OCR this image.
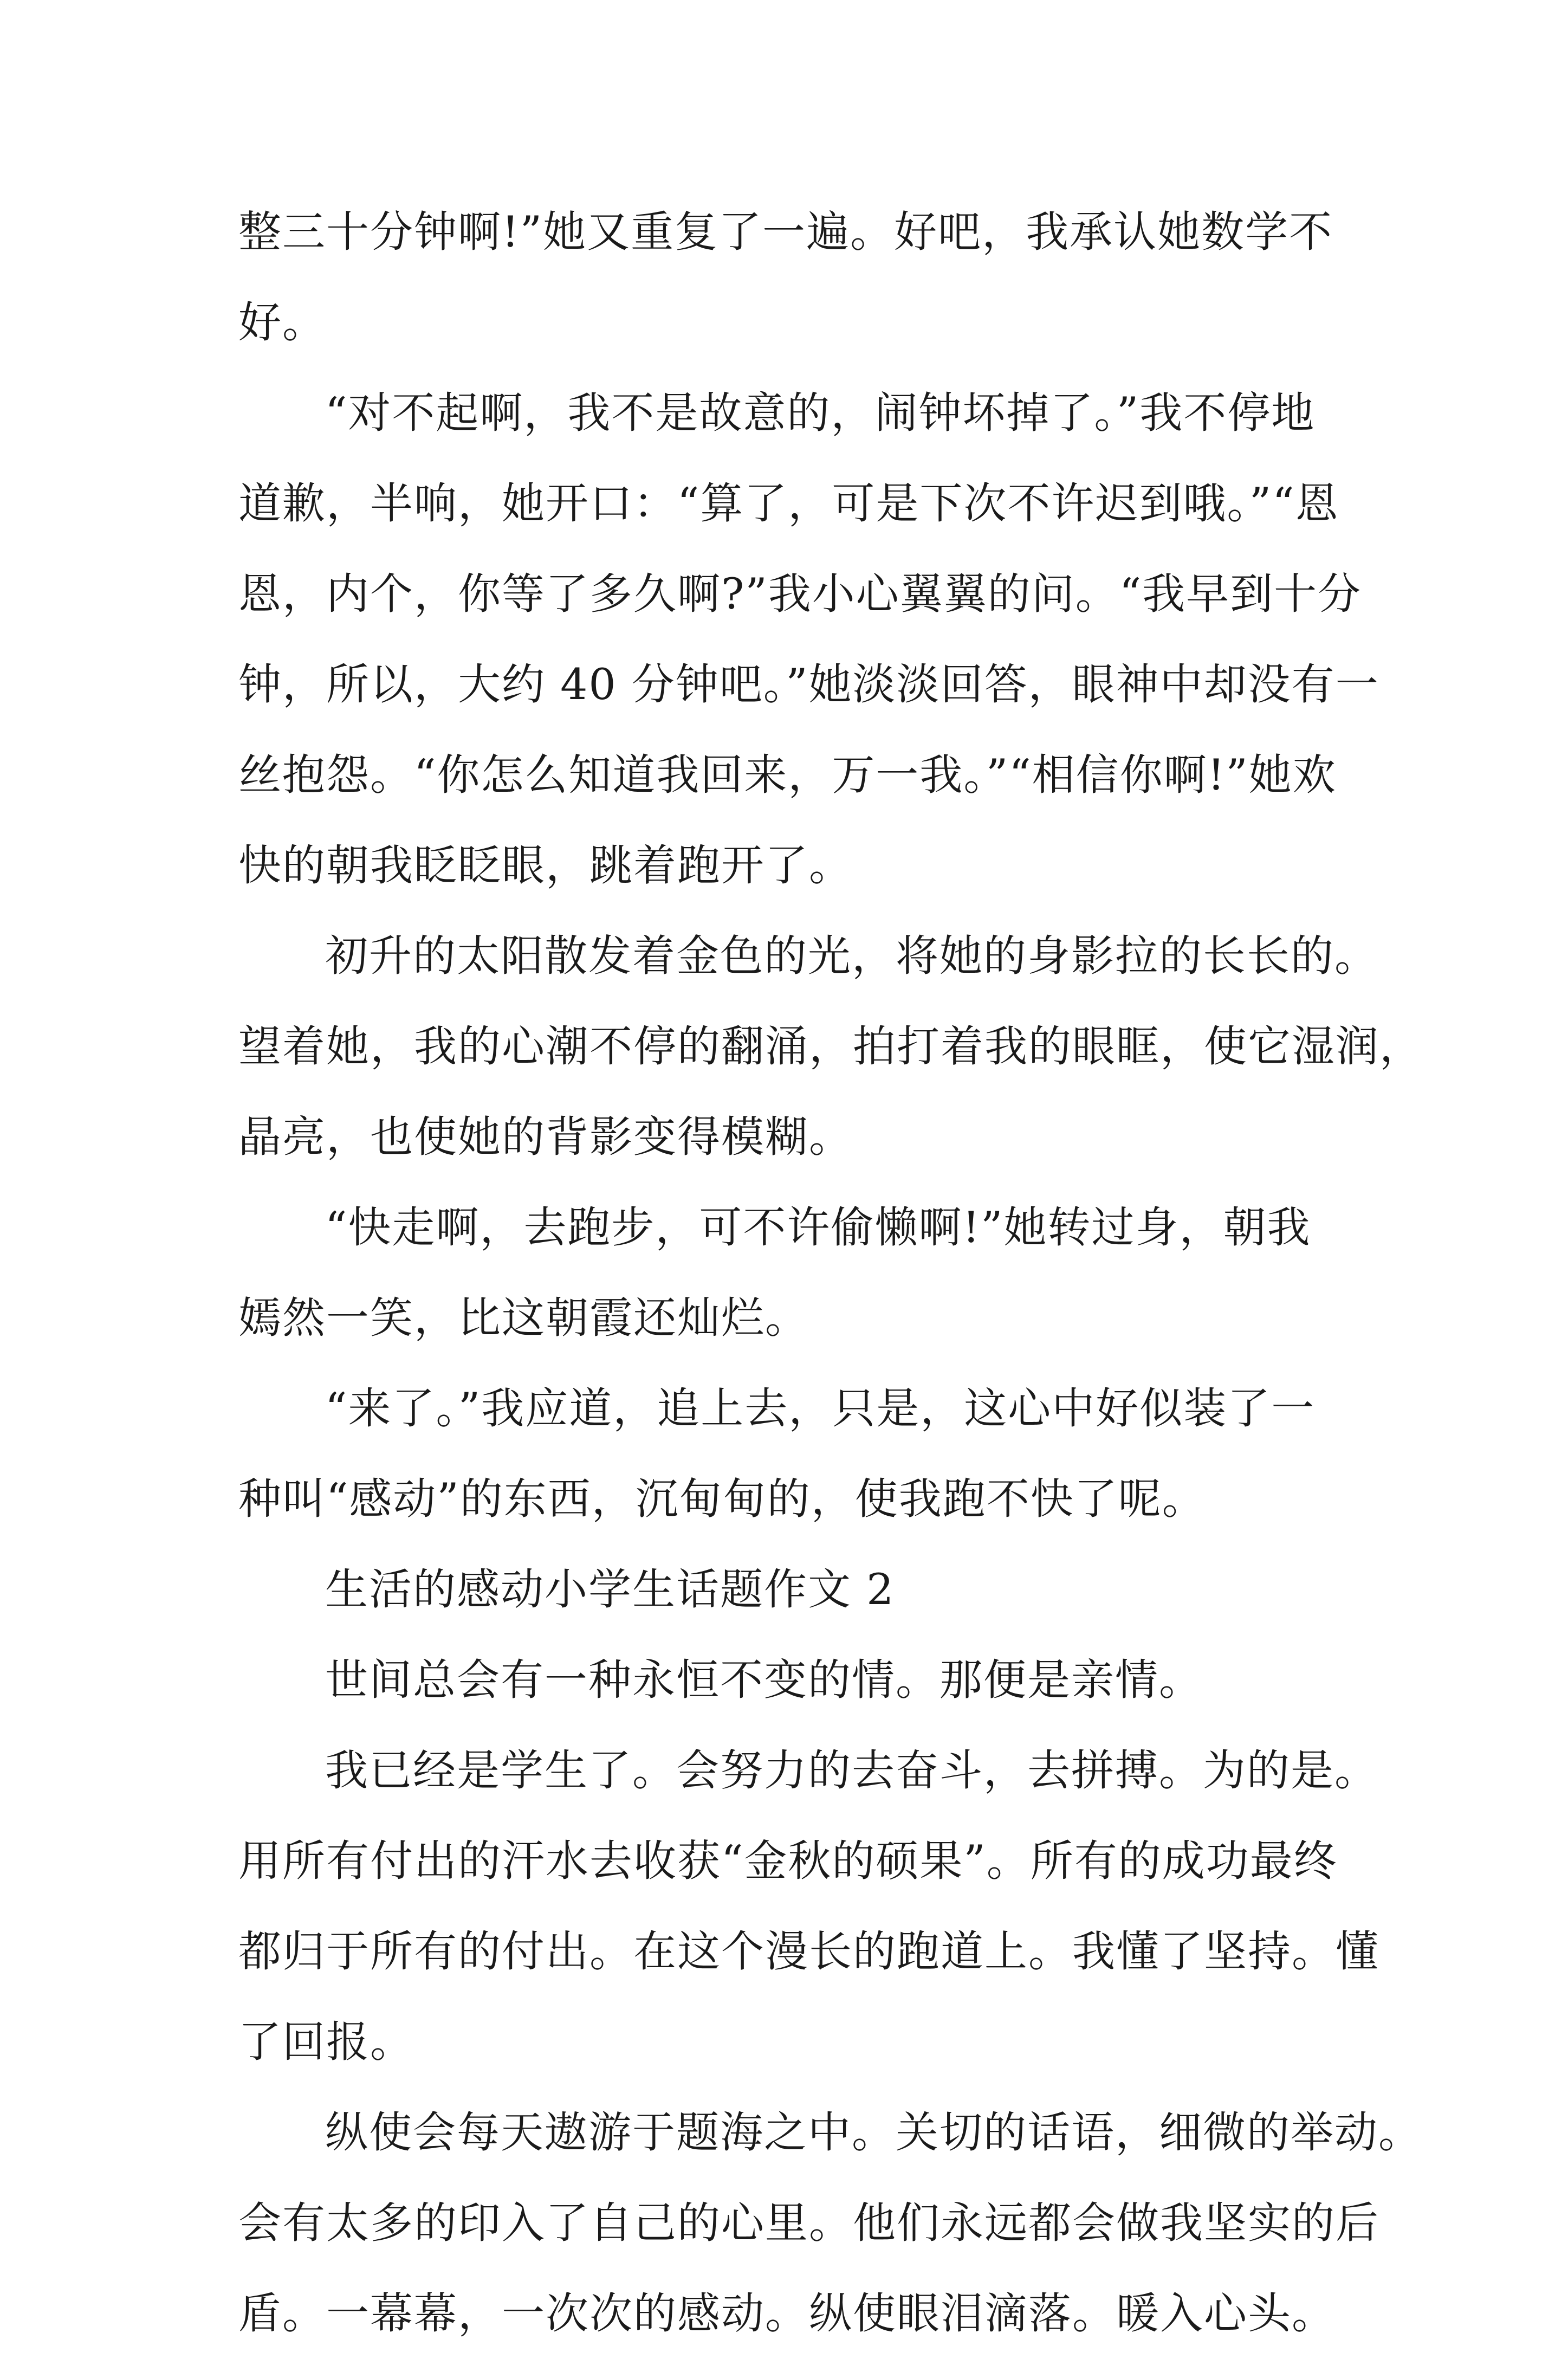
整三十分钟啊!”她又重复了一遍。好吧，我承认她数学不

好。

“对不起啊，我不是故意的，闹钟坏掉了。”我不停地

道歉，半响，她开口：“算了，可是下次不许迟到哦。”“恩

恩，内个，你等了多久啊?”我小心翼翼的问。“我早到十分

钟，所以，大约 40 分钟吧。”她淡淡回答，眼神中却没有一

丝抱怨。“你怎么知道我回来，万一我。”“相信你啊!”她欢

快的朝我眨眨眼，跳着跑开了。

初升的太阳散发着金色的光，将她的身影拉的长长的。

望着她，我的心潮不停的翻涌，拍打着我的眼眶，使它湿润，

晶亮，也使她的背影变得模糊。

“快走啊，去跑步，可不许偷懒啊!”她转过身，朝我

嫣然一笑，比这朝霞还灿烂。

“来了。”我应道，追上去，只是，这心中好似装了一

种叫“感动”的东西，沉甸甸的，使我跑不快了呢。

生活的感动小学生话题作文 2

世间总会有一种永恒不变的情。那便是亲情。

我已经是学生了。会努力的去奋斗，去拼搏。为的是。

用所有付出的汗水去收获“金秋的硕果”。所有的成功最终

都归于所有的付出。在这个漫长的跑道上。我懂了坚持。懂

了回报。

纵使会每天遨游于题海之中。关切的话语，细微的举动。

会有太多的印入了自己的心里。他们永远都会做我坚实的后

盾。一幕幕，一次次的感动。纵使眼泪滴落。暖入心头。
